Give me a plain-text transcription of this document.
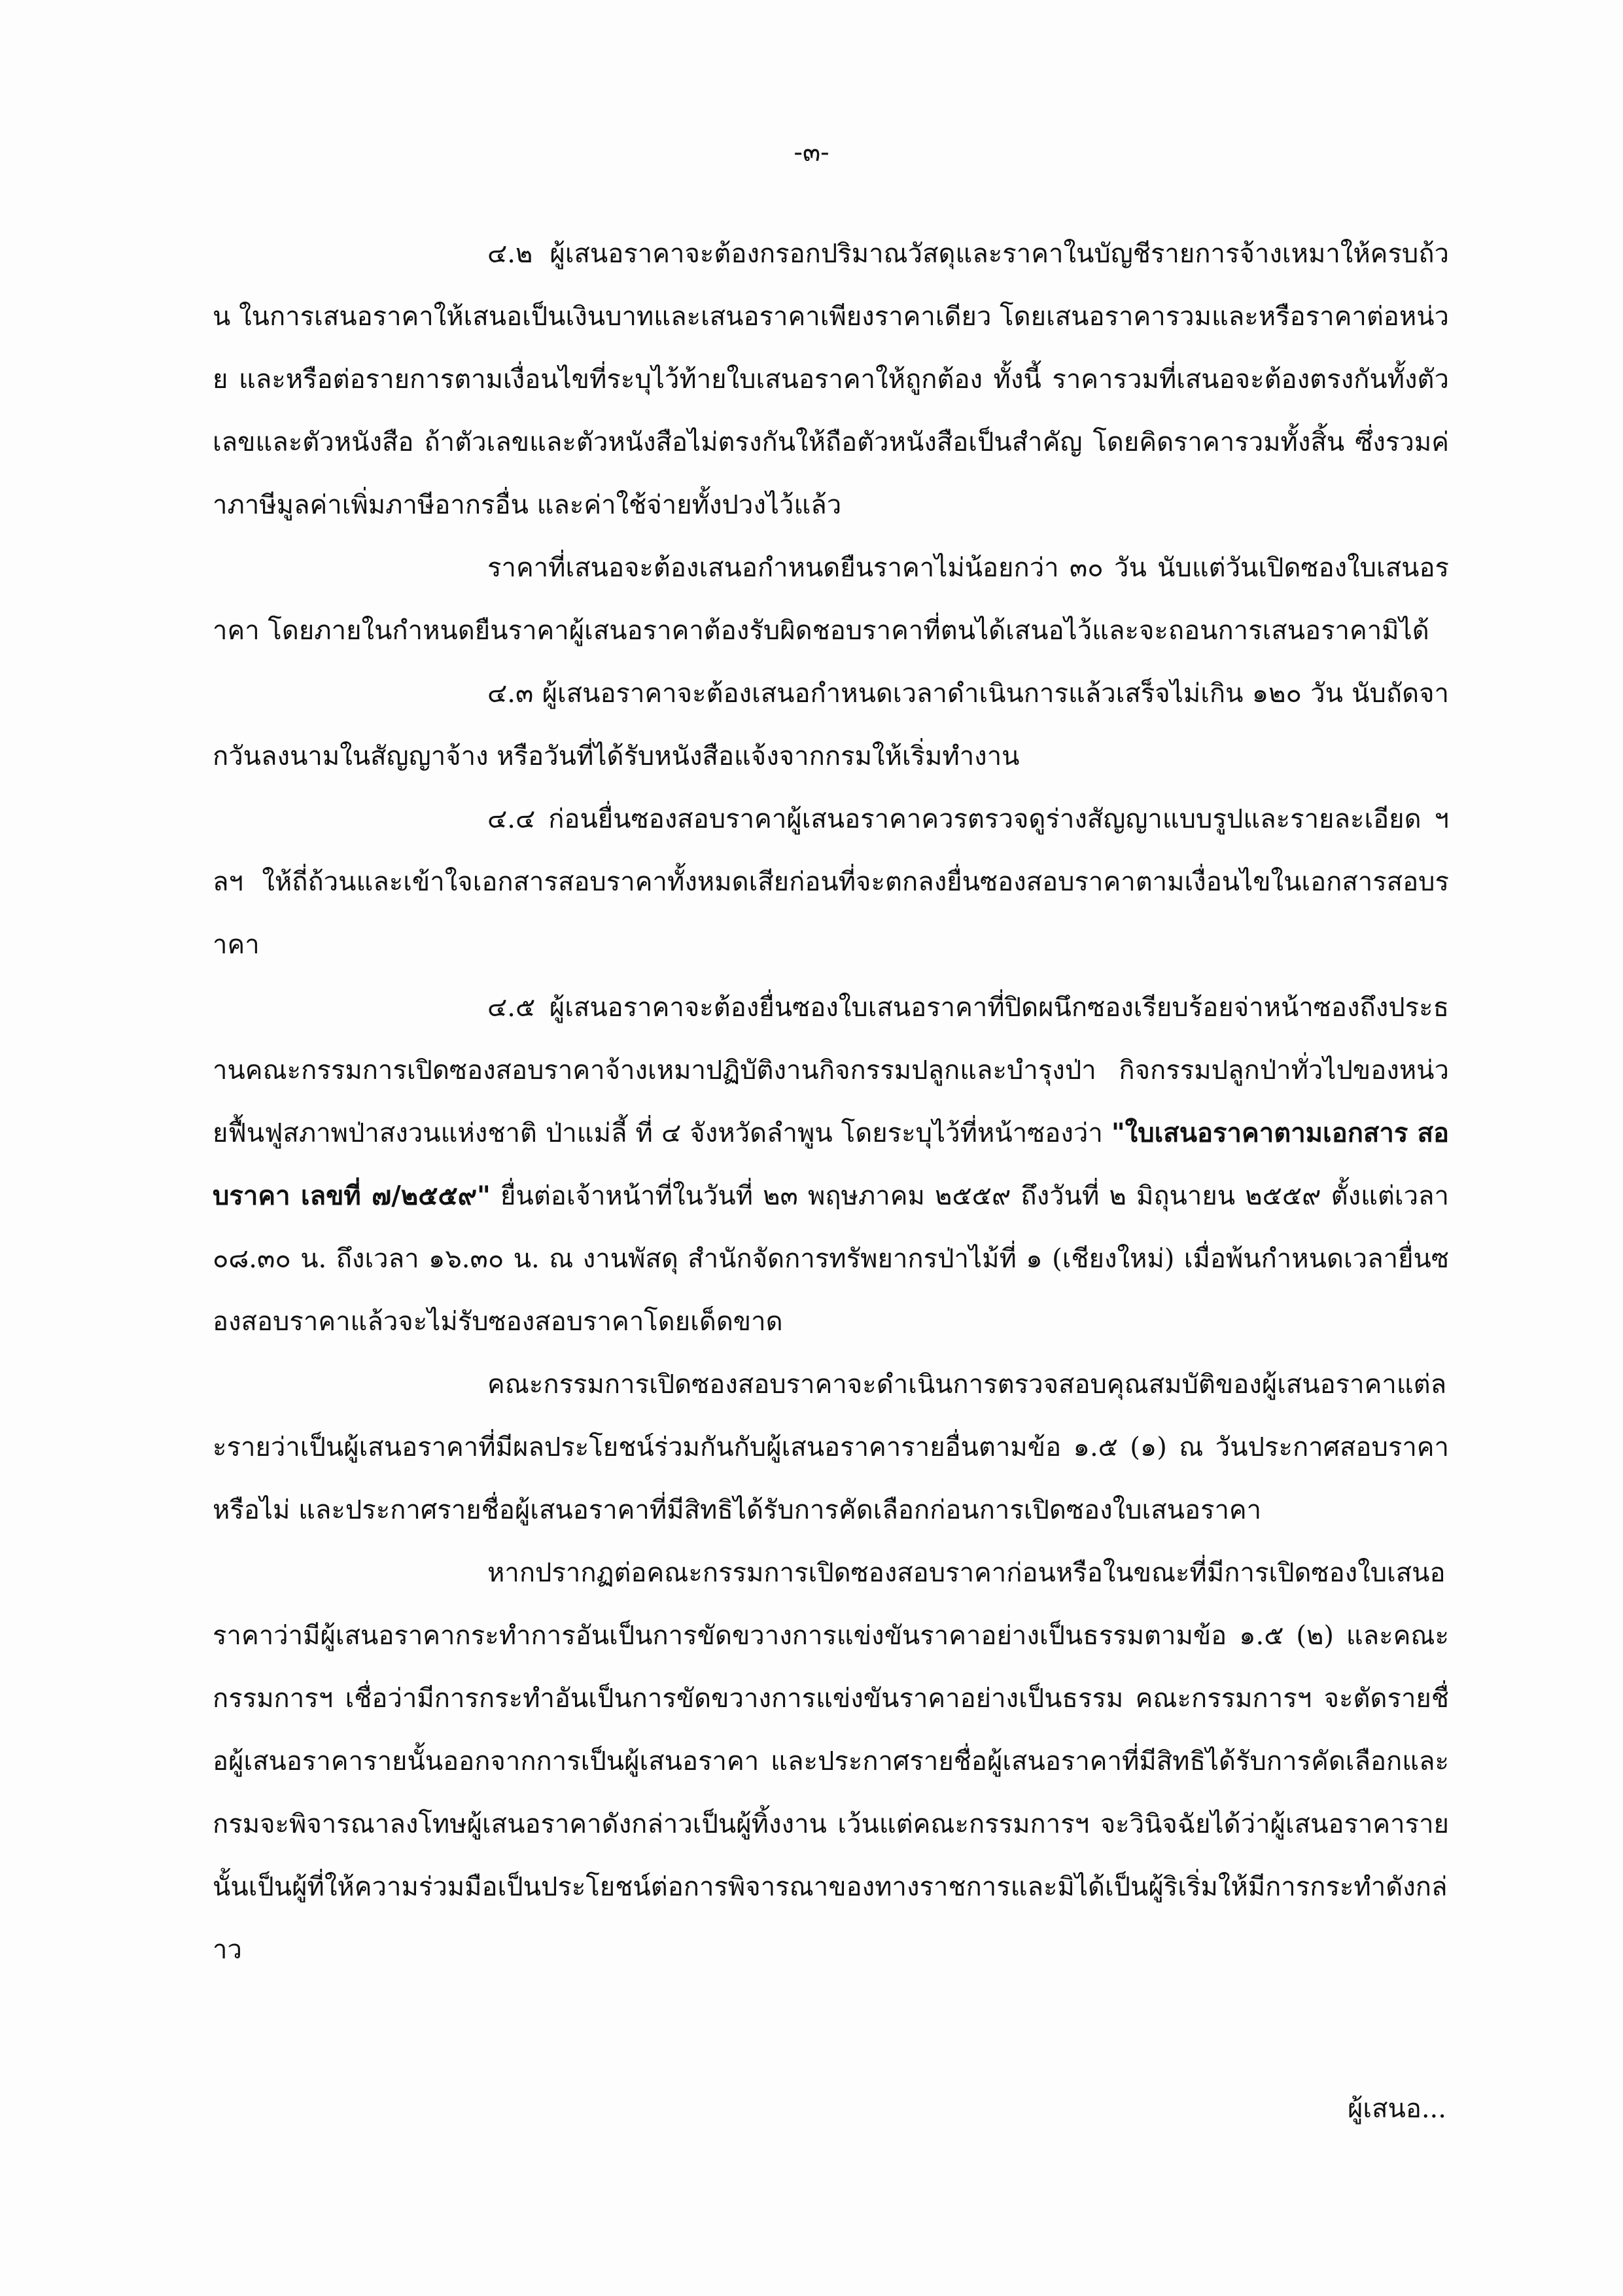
-๓-

๔.๒ ผู้เสนอราคาจะต้องกรอกปริมาณวัสดุและราคาในบัญชีรายการจ้างเหมาให้ครบถ้วน ในการเสนอราคาให้เสนอเป็นเงินบาทและเสนอราคาเพียงราคาเดียว โดยเสนอราคารวมและหรือราคาต่อหน่วย และหรือต่อรายการตามเงื่อนไขที่ระบุไว้ท้ายใบเสนอราคาให้ถูกต้อง ทั้งนี้ ราคารวมที่เสนอจะต้องตรงกันทั้งตัวเลขและตัวหนังสือ ถ้าตัวเลขและตัวหนังสือไม่ตรงกันให้ถือตัวหนังสือเป็นสำคัญ โดยคิดราคารวมทั้งสิ้น ซึ่งรวมค่าภาษีมูลค่าเพิ่มภาษีอากรอื่น และค่าใช้จ่ายทั้งปวงไว้แล้ว

ราคาที่เสนอจะต้องเสนอกำหนดยืนราคาไม่น้อยกว่า ๓๐ วัน นับแต่วันเปิดซองใบเสนอราคา โดยภายในกำหนดยืนราคาผู้เสนอราคาต้องรับผิดชอบราคาที่ตนได้เสนอไว้และจะถอนการเสนอราคามิได้

๔.๓ ผู้เสนอราคาจะต้องเสนอกำหนดเวลาดำเนินการแล้วเสร็จไม่เกิน ๑๒๐ วัน นับถัดจากวันลงนามในสัญญาจ้าง หรือวันที่ได้รับหนังสือแจ้งจากกรมให้เริ่มทำงาน

๔.๔ ก่อนยื่นซองสอบราคาผู้เสนอราคาควรตรวจดูร่างสัญญาแบบรูปและรายละเอียด ฯลฯ ให้ถี่ถ้วนและเข้าใจเอกสารสอบราคาทั้งหมดเสียก่อนที่จะตกลงยื่นซองสอบราคาตามเงื่อนไขในเอกสารสอบราคา

๔.๕ ผู้เสนอราคาจะต้องยื่นซองใบเสนอราคาที่ปิดผนึกซองเรียบร้อยจ่าหน้าซองถึงประธานคณะกรรมการเปิดซองสอบราคาจ้างเหมาปฏิบัติงานกิจกรรมปลูกและบำรุงป่า กิจกรรมปลูกป่าทั่วไปของหน่วยฟื้นฟูสภาพป่าสงวนแห่งชาติ ป่าแม่ลี้ ที่ ๔ จังหวัดลำพูน โดยระบุไว้ที่หน้าซองว่า "ใบเสนอราคาตามเอกสาร สอบราคา เลขที่ ๗/๒๕๕๙" ยื่นต่อเจ้าหน้าที่ในวันที่ ๒๓ พฤษภาคม ๒๕๕๙ ถึงวันที่ ๒ มิถุนายน ๒๕๕๙ ตั้งแต่เวลา ๐๘.๓๐ น. ถึงเวลา ๑๖.๓๐ น. ณ งานพัสดุ สำนักจัดการทรัพยากรป่าไม้ที่ ๑ (เชียงใหม่) เมื่อพ้นกำหนดเวลายื่นซองสอบราคาแล้วจะไม่รับซองสอบราคาโดยเด็ดขาด

คณะกรรมการเปิดซองสอบราคาจะดำเนินการตรวจสอบคุณสมบัติของผู้เสนอราคาแต่ละรายว่าเป็นผู้เสนอราคาที่มีผลประโยชน์ร่วมกันกับผู้เสนอราคารายอื่นตามข้อ ๑.๕ (๑) ณ วันประกาศสอบราคาหรือไม่ และประกาศรายชื่อผู้เสนอราคาที่มีสิทธิได้รับการคัดเลือกก่อนการเปิดซองใบเสนอราคา

หากปรากฏต่อคณะกรรมการเปิดซองสอบราคาก่อนหรือในขณะที่มีการเปิดซองใบเสนอราคาว่ามีผู้เสนอราคากระทำการอันเป็นการขัดขวางการแข่งขันราคาอย่างเป็นธรรมตามข้อ ๑.๕ (๒) และคณะกรรมการฯ เชื่อว่ามีการกระทำอันเป็นการขัดขวางการแข่งขันราคาอย่างเป็นธรรม คณะกรรมการฯ จะตัดรายชื่อผู้เสนอราคารายนั้นออกจากการเป็นผู้เสนอราคา และประกาศรายชื่อผู้เสนอราคาที่มีสิทธิได้รับการคัดเลือกและกรมจะพิจารณาลงโทษผู้เสนอราคาดังกล่าวเป็นผู้ทิ้งงาน เว้นแต่คณะกรรมการฯ จะวินิจฉัยได้ว่าผู้เสนอราคารายนั้นเป็นผู้ที่ให้ความร่วมมือเป็นประโยชน์ต่อการพิจารณาของทางราชการและมิได้เป็นผู้ริเริ่มให้มีการกระทำดังกล่าว

ผู้เสนอ...
